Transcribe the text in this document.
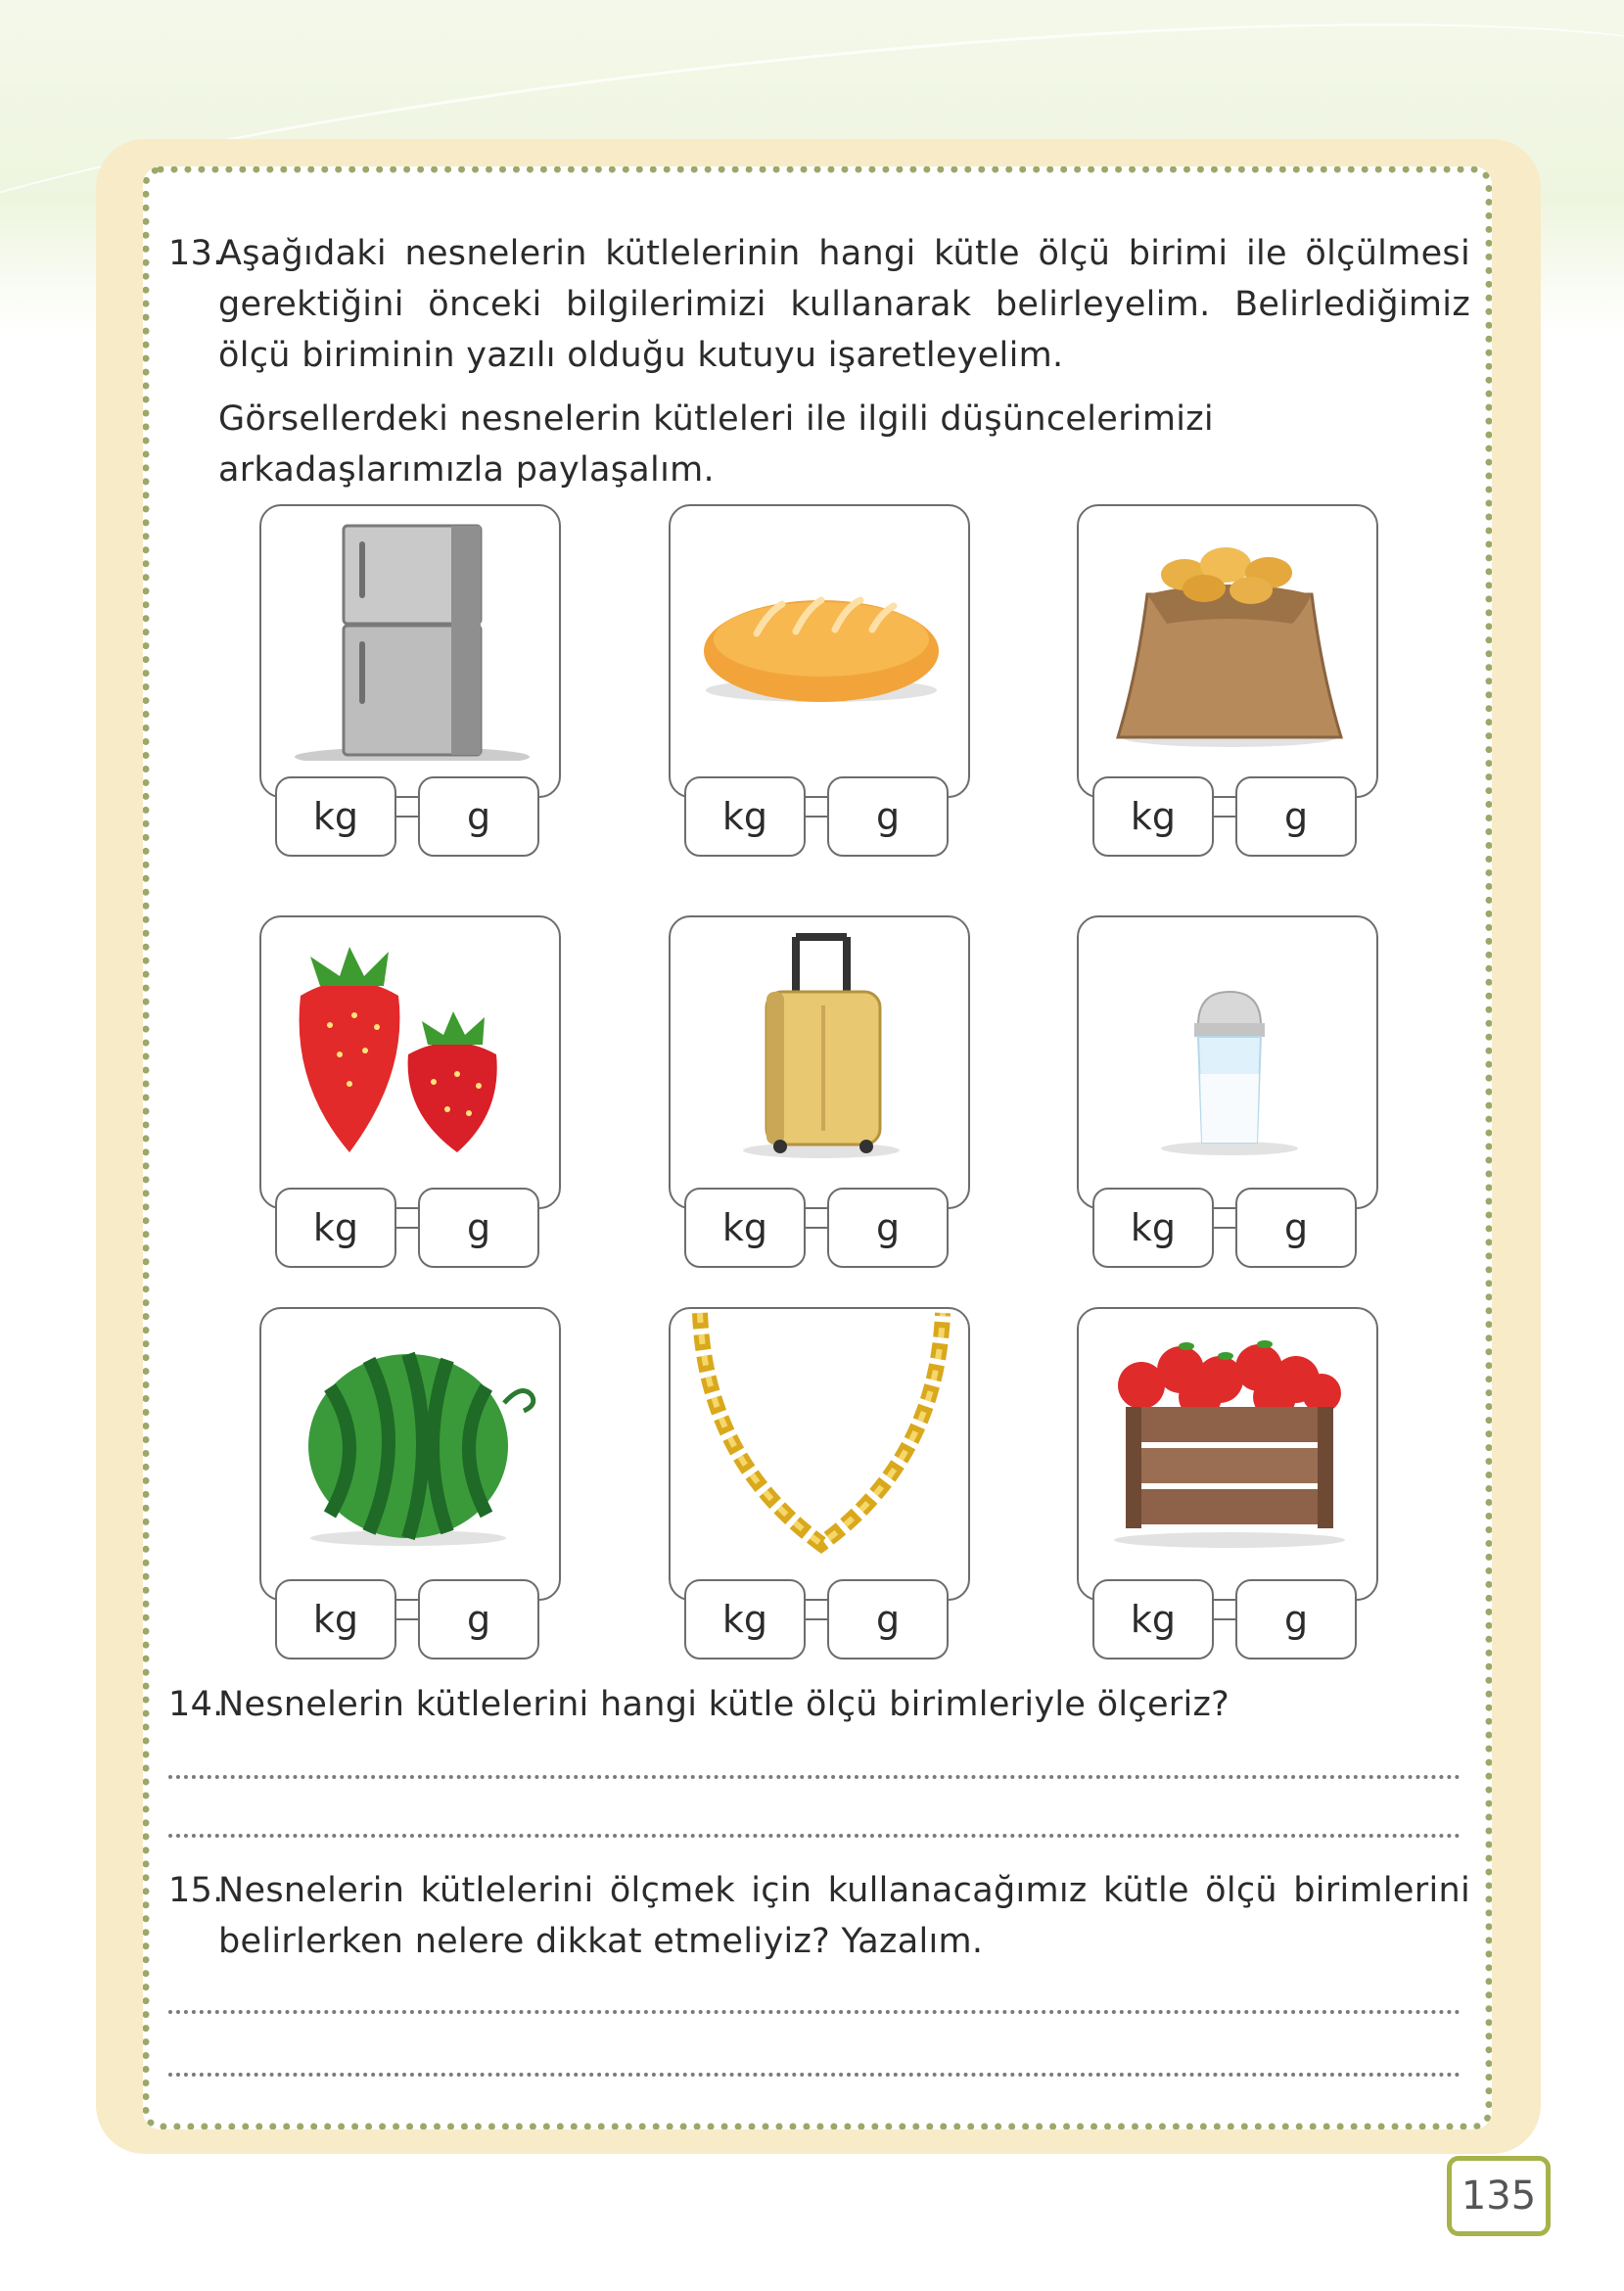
13.
Aşağıdaki nesnelerin kütlelerinin hangi kütle ölçü birimi ile ölçülmesi gerektiğini önceki bilgilerimizi kullanarak belirleyelim. Belirlediğimiz ölçü biriminin yazılı olduğu kutuyu işaretleyelim.
Görsellerdeki nesnelerin kütleleri ile ilgili düşüncelerimizi arkadaşlarımızla paylaşalım.
kg	g	kg	g	kg	g
kg	g	kg	g	kg	g
kg	g	kg	g	kg	g
14.
Nesnelerin kütlelerini hangi kütle ölçü birimleriyle ölçeriz?
15.
Nesnelerin kütlelerini ölçmek için kullanacağımız kütle ölçü birimlerini belirlerken nelere dikkat etmeliyiz? Yazalım.
135
